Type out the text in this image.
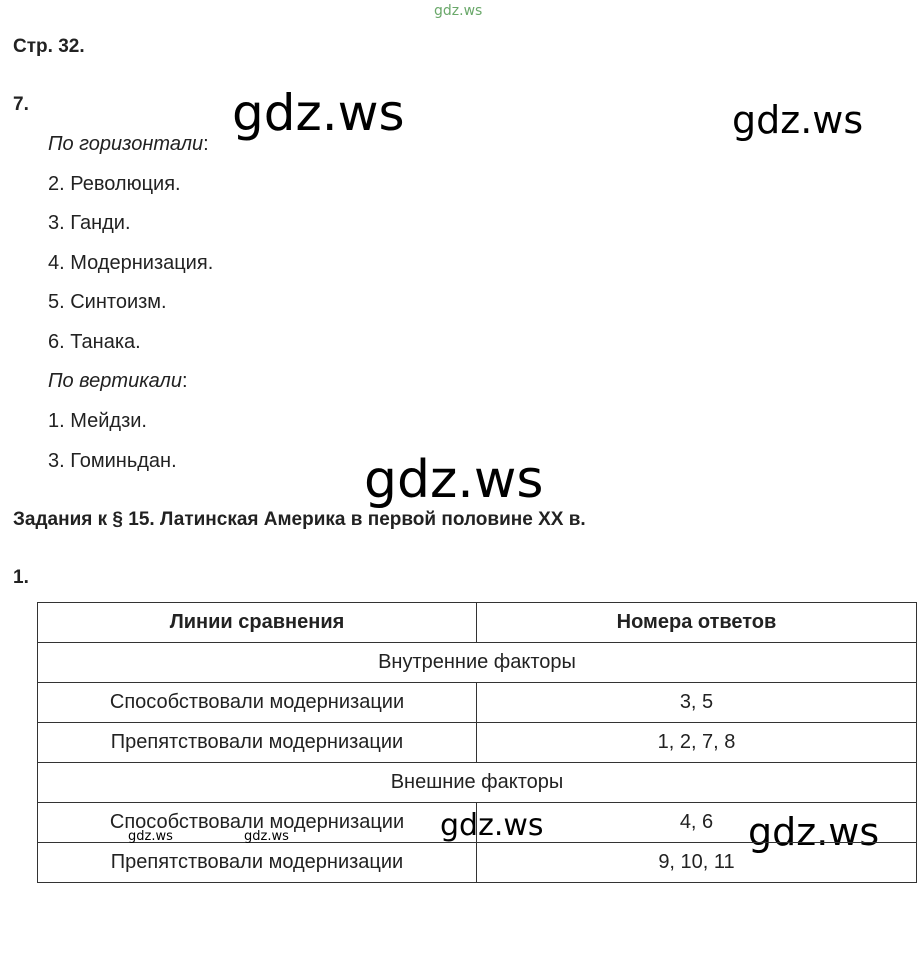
gdz.ws
gdz.ws	gdz.ws
gdz.ws
gdz.ws	gdz.ws
Стр. 32.
7.
По горизонтали:
2. Революция.
3. Ганди.
4. Модернизация.
5. Синтоизм.
6. Танака.
По вертикали:
1. Мейдзи.
3. Гоминьдан.
Задания к § 15. Латинская Америка в первой половине XX в.
1.
Линии сравнения	Номера ответов
Внутренние факторы	
Способствовали модернизации	3, 5
Препятствовали модернизации	1, 2, 7, 8
Внешние факторы	
Способствовали модернизации	4, 6
Препятствовали модернизации	9, 10, 11
gdz.ws	gdz.ws
